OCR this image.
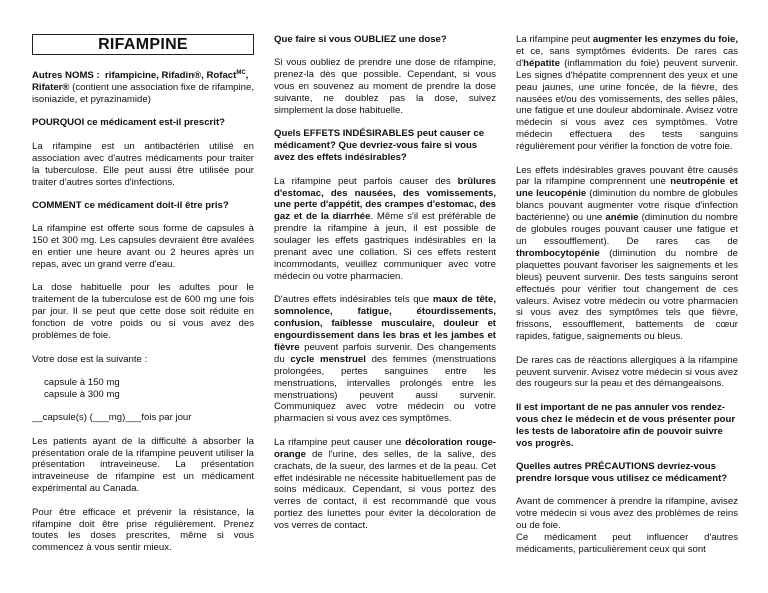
RIFAMPINE

Autres NOMS : rifampicine, Rifadin®, Rofact$^{MC}$, Rifater® (contient une association fixe de rifampine, isoniazide, et pyrazinamide)

POURQUOI ce médicament est-il prescrit?

La rifampine est un antibactérien utilisé en association avec d'autres médicaments pour traiter la tuberculose. Elle peut aussi être utilisée pour traiter d'autres sortes d'infections.

COMMENT ce médicament doit-il être pris?

La rifampine est offerte sous forme de capsules à 150 et 300 mg. Les capsules devraient être avalées en entier une heure avant ou 2 heures après un repas, avec un grand verre d'eau.

La dose habituelle pour les adultes pour le traitement de la tuberculose est de 600 mg une fois par jour. Il se peut que cette dose soit réduite en fonction de votre poids ou si vous avez des problèmes de foie.

Votre dose est la suivante :

capsule à 150 mg

capsule à 300 mg

__capsule(s) (___mg)___fois par jour

Les patients ayant de la difficulté à absorber la présentation orale de la rifampine peuvent utiliser la présentation intraveineuse. La présentation intraveineuse de rifampine est un médicament expérimental au Canada.

Pour être efficace et prévenir la résistance, la rifampine doit être prise régulièrement. Prenez toutes les doses prescrites, même si vous commencez à vous sentir mieux.

Que faire si vous OUBLIEZ une dose?

Si vous oubliez de prendre une dose de rifampine, prenez-la dès que possible. Cependant, si vous vous en souvenez au moment de prendre la dose suivante, ne doublez pas la dose, suivez simplement la dose habituelle.

Quels EFFETS INDÉSIRABLES peut causer ce médicament? Que devriez-vous faire si vous avez des effets indésirables?

La rifampine peut parfois causer des brûlures d'estomac, des nausées, des vomissements, une perte d'appétit, des crampes d'estomac, des gaz et de la diarrhée. Même s'il est préférable de prendre la rifampine à jeun, il est possible de soulager les effets gastriques indésirables en la prenant avec une collation. Si ces effets restent incommodants, veuillez communiquer avec votre médecin ou votre pharmacien.

D'autres effets indésirables tels que maux de tête, somnolence, fatigue, étourdissements, confusion, faiblesse musculaire, douleur et engourdissement dans les bras et les jambes et fièvre peuvent parfois survenir. Des changements du cycle menstruel des femmes (menstruations prolongées, pertes sanguines entre les menstruations, intervalles prolongés entre les menstruations) peuvent aussi survenir. Communiquez avec votre médecin ou votre pharmacien si vous avez ces symptômes.

La rifampine peut causer une décoloration rouge-orange de l'urine, des selles, de la salive, des crachats, de la sueur, des larmes et de la peau. Cet effet indésirable ne nécessite habituellement pas de soins médicaux. Cependant, si vous portez des verres de contact, il est recommandé que vous portiez des lunettes pour éviter la décoloration de vos verres de contact.

La rifampine peut augmenter les enzymes du foie, et ce, sans symptômes évidents. De rares cas d'hépatite (inflammation du foie) peuvent survenir. Les signes d'hépatite comprennent des yeux et une peau jaunes, une urine foncée, de la fièvre, des nausées et/ou des vomissements, des selles pâles, une fatigue et une douleur abdominale. Avisez votre médecin si vous avez ces symptômes. Votre médecin effectuera des tests sanguins régulièrement pour vérifier la fonction de votre foie.

Les effets indésirables graves pouvant être causés par la rifampine comprennent une neutropénie et une leucopénie (diminution du nombre de globules blancs pouvant augmenter votre risque d'infection bactérienne) ou une anémie (diminution du nombre de globules rouges pouvant causer une fatigue et un essoufflement). De rares cas de thrombocytopénie (diminution du nombre de plaquettes pouvant favoriser les saignements et les bleus) peuvent survenir. Des tests sanguins seront effectués pour vérifier tout changement de ces valeurs. Avisez votre médecin ou votre pharmacien si vous avez des symptômes tels que fièvre, frissons, essoufflement, battements de cœur rapides, fatigue, saignements ou bleus.

De rares cas de réactions allergiques à la rifampine peuvent survenir. Avisez votre médecin si vous avez des rougeurs sur la peau et des démangeaisons.

Il est important de ne pas annuler vos rendez-vous chez le médecin et de vous présenter pour les tests de laboratoire afin de pouvoir suivre vos progrès.

Quelles autres PRÉCAUTIONS devriez-vous prendre lorsque vous utilisez ce médicament?

Avant de commencer à prendre la rifampine, avisez votre médecin si vous avez des problèmes de reins ou de foie.

Ce médicament peut influencer d'autres médicaments, particulièrement ceux qui sont
